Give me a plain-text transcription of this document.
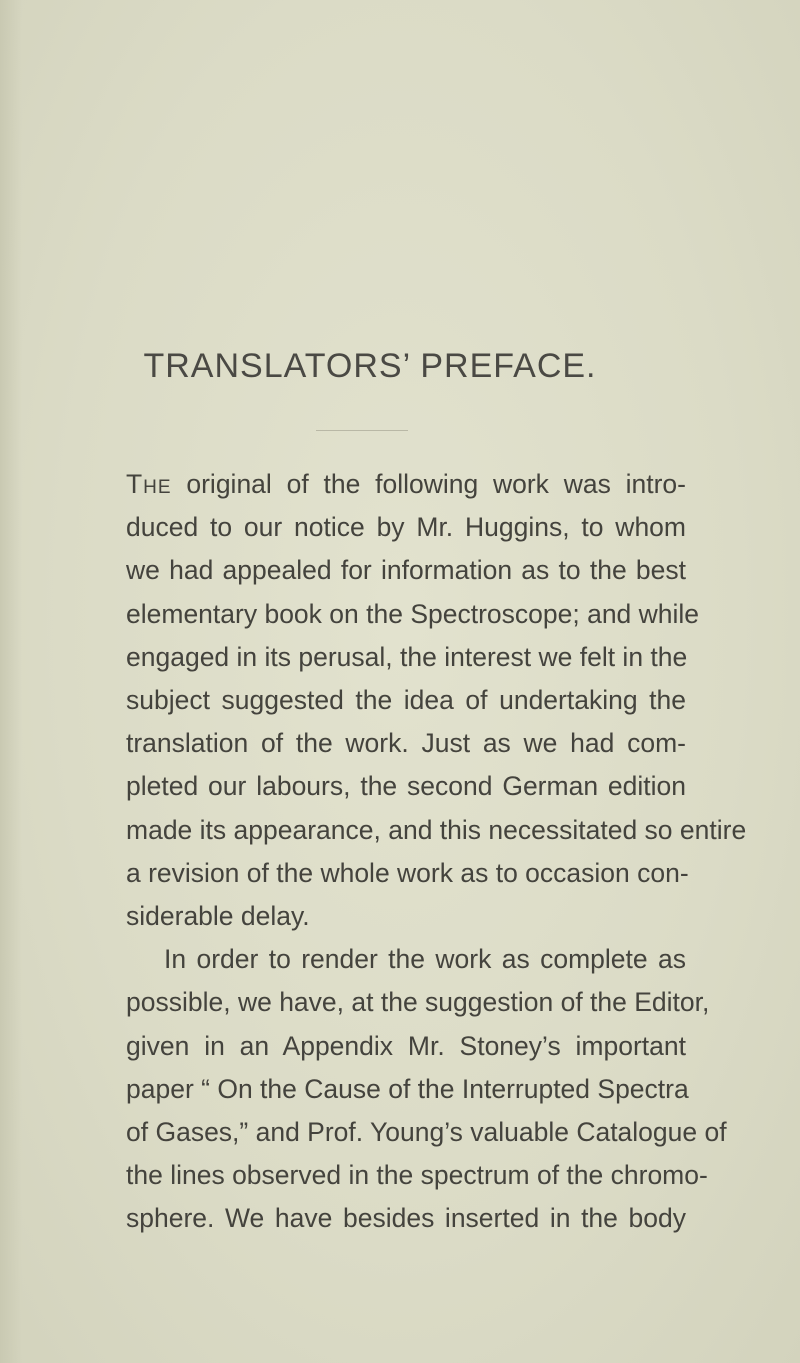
TRANSLATORS’ PREFACE.
The original of the following work was intro-
duced to our notice by Mr. Huggins, to whom
we had appealed for information as to the best
elementary book on the Spectroscope; and while
engaged in its perusal, the interest we felt in the
subject suggested the idea of undertaking the
translation of the work. Just as we had com-
pleted our labours, the second German edition
made its appearance, and this necessitated so entire
a revision of the whole work as to occasion con-
siderable delay.
In order to render the work as complete as
possible, we have, at the suggestion of the Editor,
given in an Appendix Mr. Stoney’s important
paper “ On the Cause of the Interrupted Spectra
of Gases,” and Prof. Young’s valuable Catalogue of
the lines observed in the spectrum of the chromo-
sphere. We have besides inserted in the body
